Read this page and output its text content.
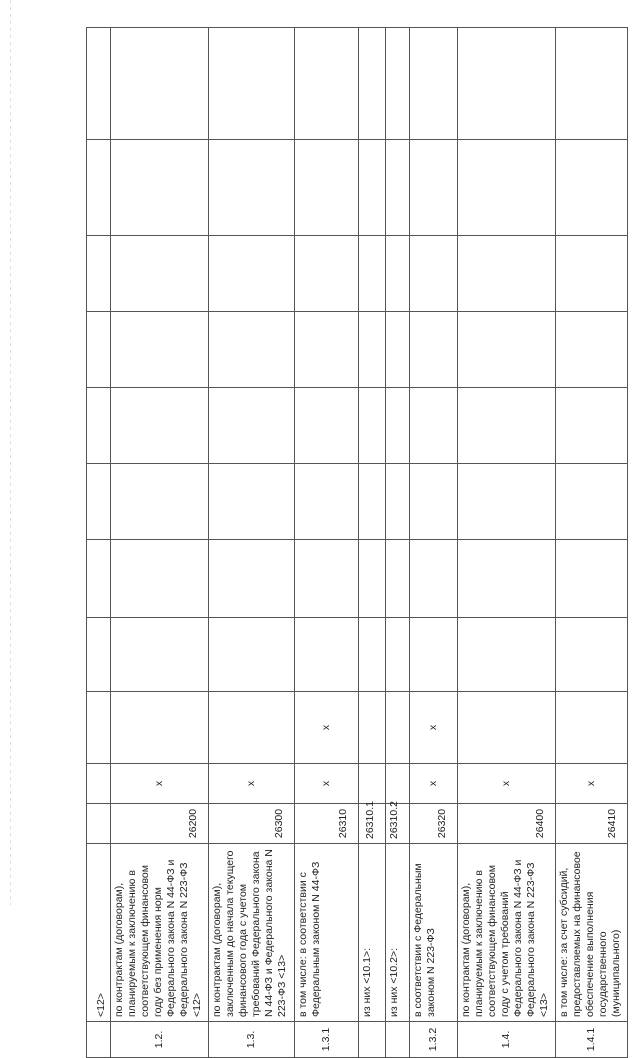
	<12>											
1.2.	по контрактам (договорам), планируемым к заключению в соответствующем финансовом году без применения норм Федерального закона N 44-ФЗ и Федерального закона N 223-ФЗ <12>	26200	x									
1.3.	по контрактам (договорам), заключенным до начала текущего финансового года с учетом требований Федерального закона N 44-ФЗ и Федерального закона N 223-ФЗ <13>	26300	x									
1.3.1	в том числе: в соответствии с Федеральным законом N 44-ФЗ	26310	x	x								
	из них <10.1>:	26310.1										
	из них <10.2>:	26310.2										
1.3.2	в соответствии с Федеральным законом N 223-ФЗ	26320	x	x								
1.4.	по контрактам (договорам), планируемым к заключению в соответствующем финансовом году с учетом требований Федерального закона N 44-ФЗ и Федерального закона N 223-ФЗ <13>	26400	x									
1.4.1	в том числе: за счет субсидий, предоставляемых на финансовое обеспечение выполнения государственного (муниципального)	26410	x									
